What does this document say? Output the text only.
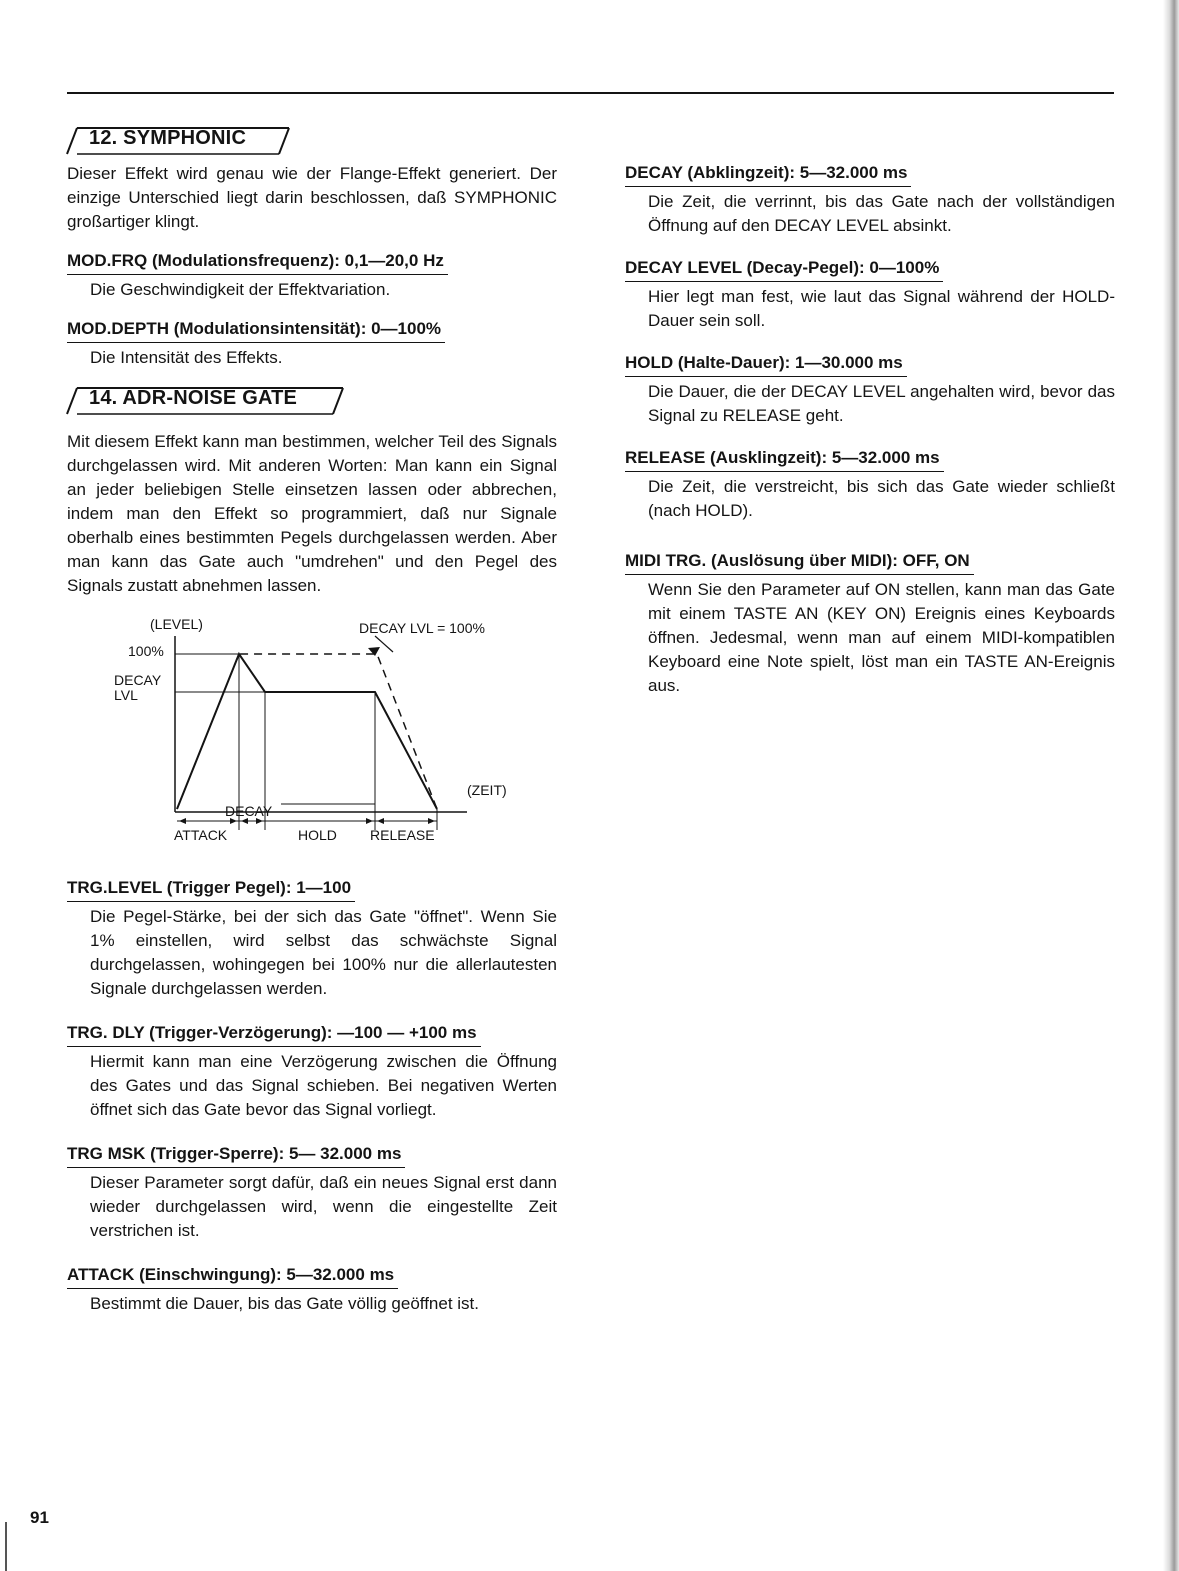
12. SYMPHONIC

Dieser Effekt wird genau wie der Flange-Effekt generiert. Der einzige Unterschied liegt darin beschlossen, daß SYMPHONIC großartiger klingt.

MOD.FRQ (Modulationsfrequenz): 0,1—20,0 Hz
Die Geschwindigkeit der Effektvariation.
MOD.DEPTH (Modulationsintensität): 0—100%
Die Intensität des Effekts.
14. ADR-NOISE GATE

Mit diesem Effekt kann man bestimmen, welcher Teil des Signals durchgelassen wird. Mit anderen Worten: Man kann ein Signal an jeder beliebigen Stelle einsetzen lassen oder abbrechen, indem man den Effekt so programmiert, daß nur Signale oberhalb eines bestimmten Pegels durchgelassen werden. Aber man kann das Gate auch "umdrehen" und den Pegel des Signals zustatt abnehmen lassen.

(LEVEL)	DECAY LVL = 100%
100%
DECAY
LVL
(ZEIT)
DECAY
ATTACK	HOLD RELEASE
TRG.LEVEL (Trigger Pegel): 1—100
Die Pegel-Stärke, bei der sich das Gate "öffnet". Wenn Sie 1% einstellen, wird selbst das schwächste Signal durchgelassen, wohingegen bei 100% nur die allerlautesten Signale durchgelassen werden.
TRG. DLY (Trigger-Verzögerung): —100 — +100 ms
Hiermit kann man eine Verzögerung zwischen die Öffnung des Gates und das Signal schieben. Bei negativen Werten öffnet sich das Gate bevor das Signal vorliegt.
TRG MSK (Trigger-Sperre): 5— 32.000 ms
Dieser Parameter sorgt dafür, daß ein neues Signal erst dann wieder durchgelassen wird, wenn die eingestellte Zeit verstrichen ist.
ATTACK (Einschwingung): 5—32.000 ms
Bestimmt die Dauer, bis das Gate völlig geöffnet ist.
DECAY (Abklingzeit): 5—32.000 ms
Die Zeit, die verrinnt, bis das Gate nach der vollständigen Öffnung auf den DECAY LEVEL absinkt.
DECAY LEVEL (Decay-Pegel): 0—100%
Hier legt man fest, wie laut das Signal während der HOLD-Dauer sein soll.
HOLD (Halte-Dauer): 1—30.000 ms
Die Dauer, die der DECAY LEVEL angehalten wird, bevor das Signal zu RELEASE geht.
RELEASE (Ausklingzeit): 5—32.000 ms
Die Zeit, die verstreicht, bis sich das Gate wieder schließt (nach HOLD).
MIDI TRG. (Auslösung über MIDI): OFF, ON
Wenn Sie den Parameter auf ON stellen, kann man das Gate mit einem TASTE AN (KEY ON) Ereignis eines Keyboards öffnen. Jedesmal, wenn man auf einem MIDI-kompatiblen Keyboard eine Note spielt, löst man ein TASTE AN-Ereignis aus.
91
